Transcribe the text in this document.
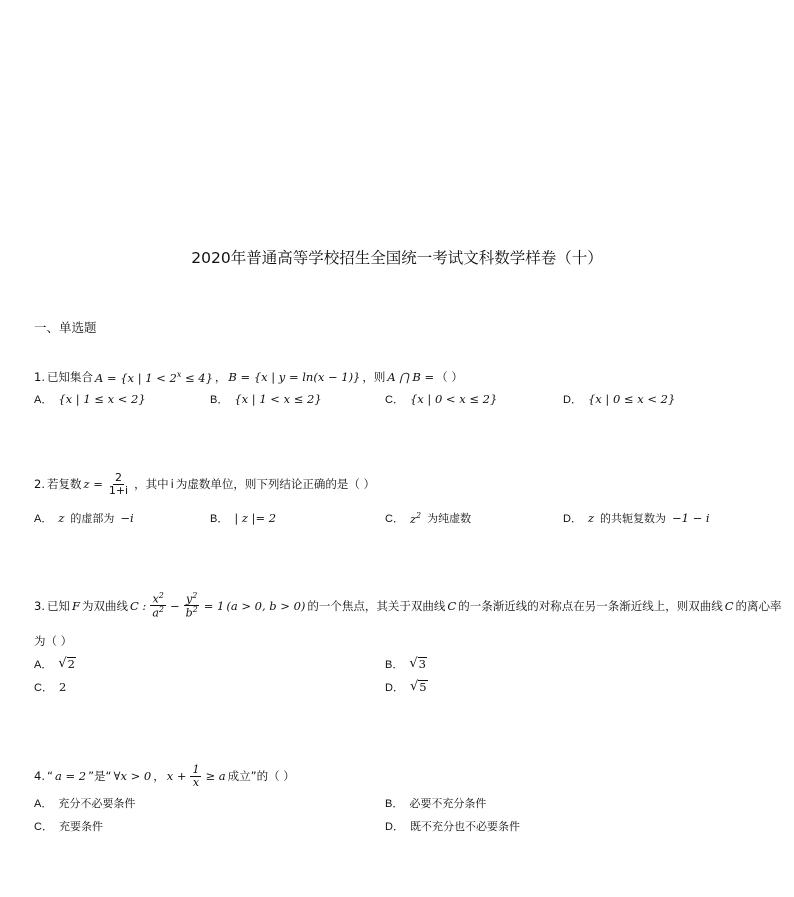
2020年普通高等学校招生全国统一考试文科数学样卷（十）
一、单选题
1. 已知集合 A = {x | $1 < 2^x \le 4$} ， B = {x | y = ln(x − 1)} ，则 A ⋂ B = （ ）
A． {x | 1 ≤ x < 2}	B． {x | 1 < x ≤ 2}	C． {x | 0 < x ≤ 2}	D． {x | 0 ≤ x < 2}
2. 若复数 $z = \frac{2}{1+i}$ ，其中 i 为虚数单位，则下列结论正确的是（ ）
A． z 的虚部为 −i	B． | z |= 2	C． $z^2$ 为纯虚数	D． z 的共轭复数为 −1 − i
3. 已知 F 为双曲线 C : $\frac{x^2}{a^2} - \frac{y^2}{b^2} = 1$ (a > 0, b > 0) 的一个焦点，其关于双曲线 C 的一条渐近线的对称点在另一条渐近线上，则双曲线 C 的离心率
为（ ）
A． √ 2	B． √ 3
C． 2	D． √ 5
4. “ a = 2 ”是“ ∀x > 0 ， $x + \frac{1}{x} \ge a$ 成立”的（ ）
A． 充分不必要条件	B． 必要不充分条件
C． 充要条件	D． 既不充分也不必要条件
